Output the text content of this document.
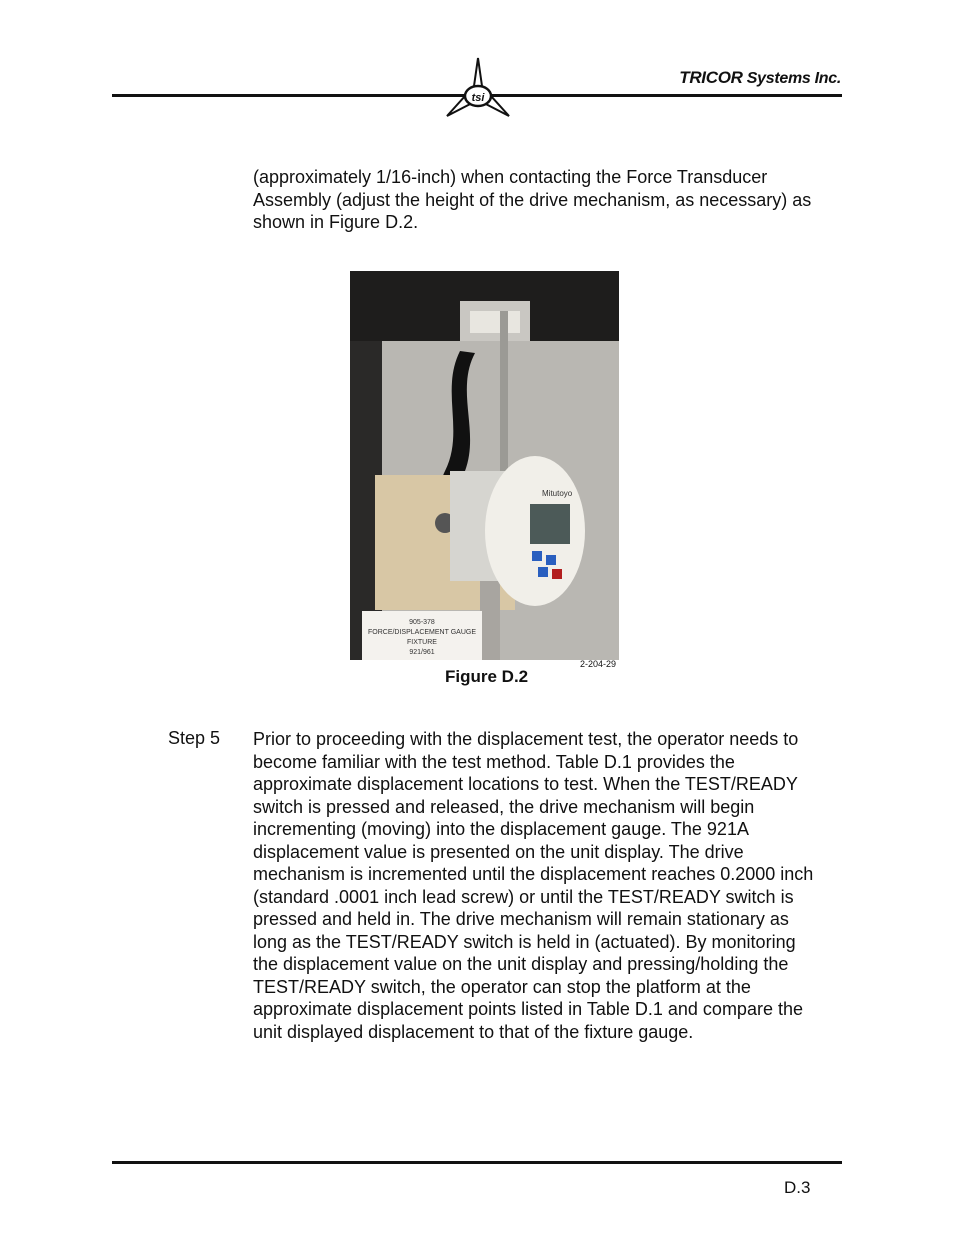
tsi
TRICOR Systems Inc.
(approximately 1/16-inch) when contacting the Force Transducer Assembly (adjust the height of the drive mechanism, as necessary) as shown in Figure D.2.
Mitutoyo
905-378
FORCE/DISPLACEMENT GAUGE
FIXTURE
921/961
2-204-29
Figure D.2
Step 5 Prior to proceeding with the displacement test, the operator needs to become familiar with the test method. Table D.1 provides the approximate displacement locations to test. When the TEST/READY switch is pressed and released, the drive mechanism will begin incrementing (moving) into the displacement gauge. The 921A displacement value is presented on the unit display. The drive mechanism is incremented until the displacement reaches 0.2000 inch (standard .0001 inch lead screw) or until the TEST/READY switch is pressed and held in. The drive mechanism will remain stationary as long as the TEST/READY switch is held in (actuated). By monitoring the displacement value on the unit display and pressing/holding the TEST/READY switch, the operator can stop the platform at the approximate displacement points listed in Table D.1 and compare the unit displayed displacement to that of the fixture gauge.
D.3
